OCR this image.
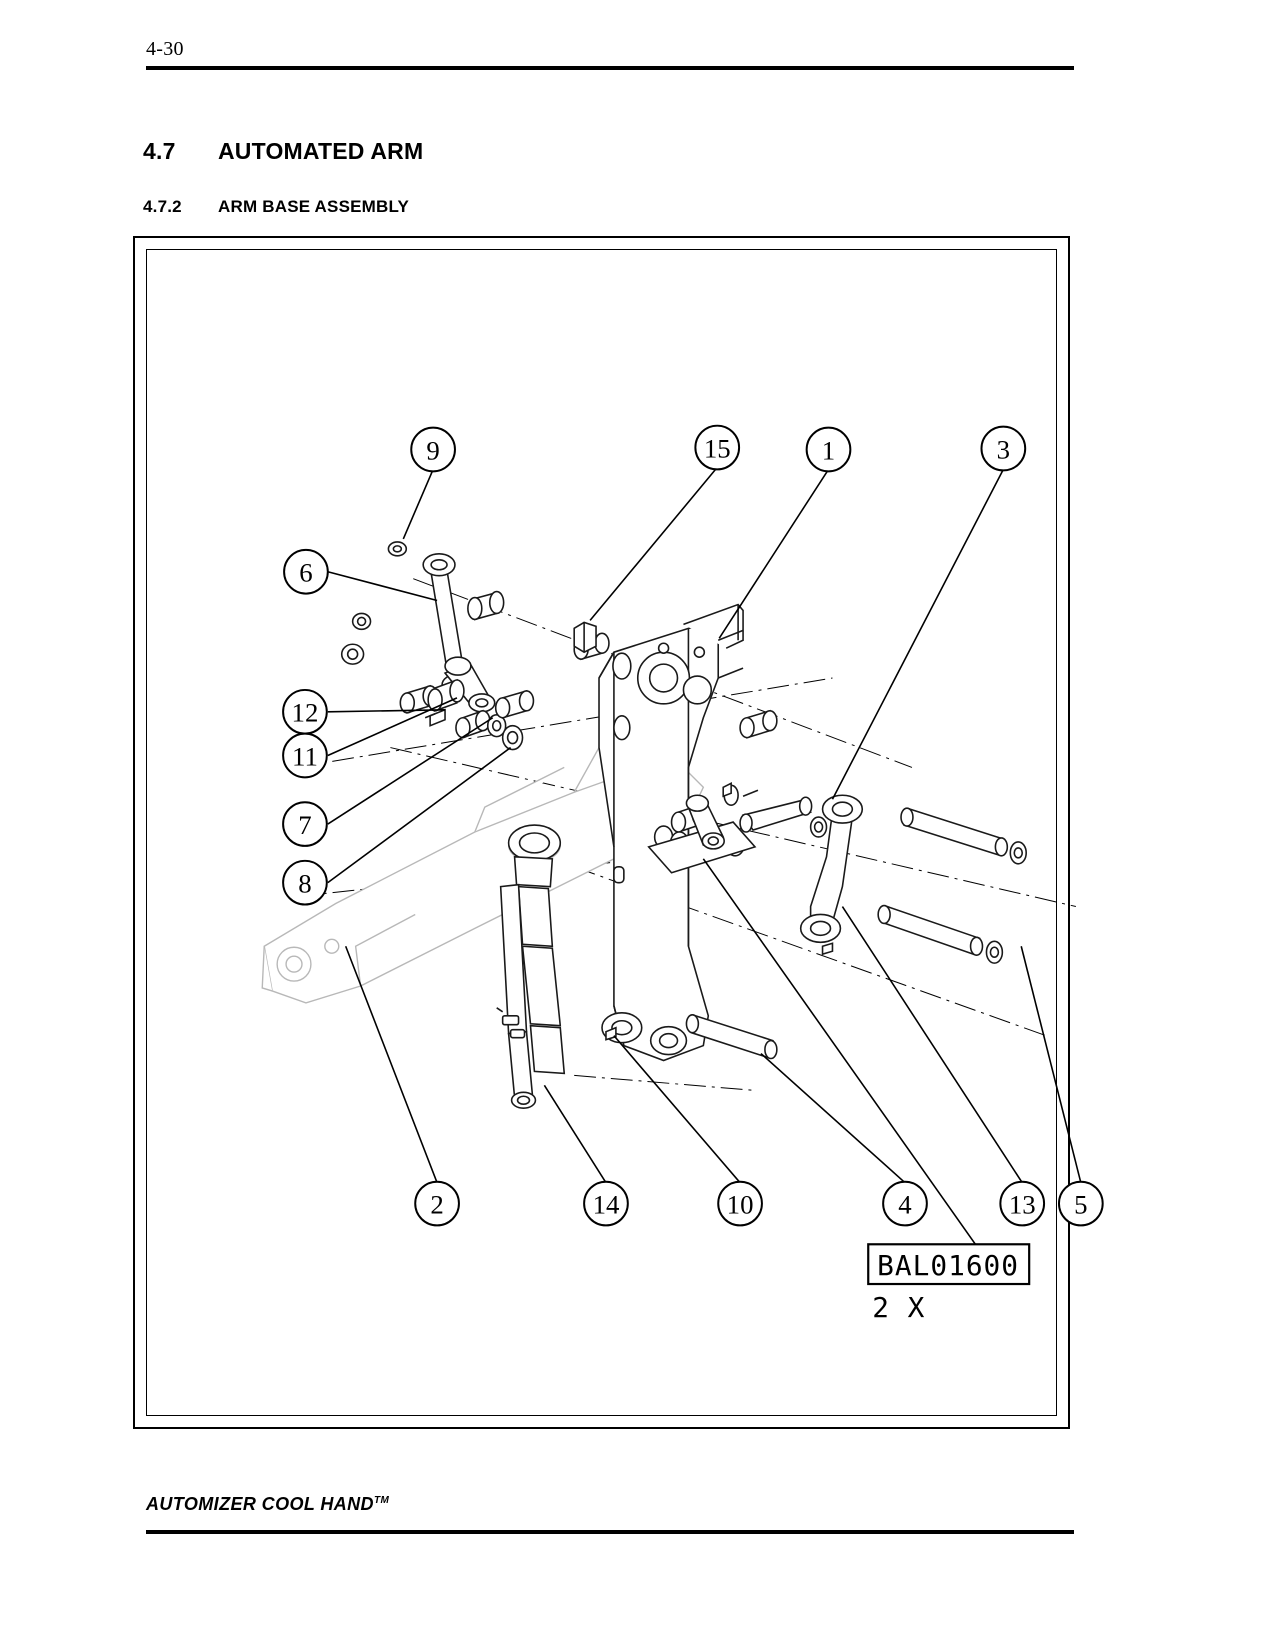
4-30
4.7 AUTOMATED ARM
4.7.2 ARM BASE ASSEMBLY
9	15	1	3
6
12
11
7
8
2	14	10	4	13 5
BAL01600
2 X
AUTOMIZER COOL HAND™
